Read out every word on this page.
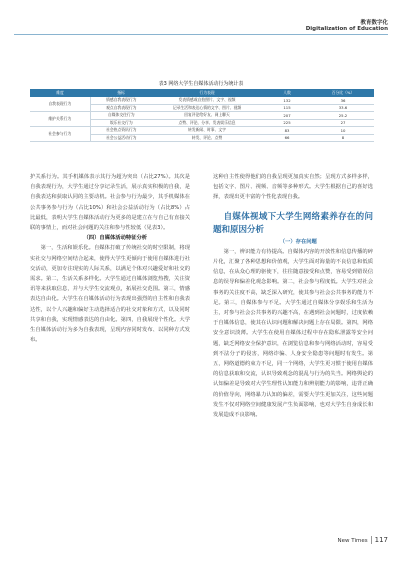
教育数字化
Digitalization of Education
表3 网络大学生自媒体活动行为统计表
维度	指标	行为表现	人数	百分比（%）
自我表现行为	情感自我表现行为	发表情感或自拍照片、文字、视频	132	36
	观点自我表现行为	记录生活和表达心情的文字、图片、视频	115	33.6
维护关系行为	自媒体交往行为	回复评论给好友、网上聊天	207	25.2
	娱乐社交行为	点赞、评论、分享、发表娱乐信息	225	27
社会参与行为	社会热点资讯行为	转发新闻、时事、文字	83	10
	社会公益活动行为	转发、评论、点赞	66	8

护关系行为。其手机媒体表示其行为超为突出（占比27%）。其次是自我表现行为，大学生通过分享记录生活，展示真实积极的自我，是自我表达和获取认同的主要动机。社会参与行为最少，其手机媒体在公共事务参与行为（占比10%）和社会公益活动行为（占比8%）占比最低，表明大学生自媒体活动行为更多的是建立在与自己有直接关联的事情上，而对社会问题的关注和参与性较低（见表3）。

（四）自媒体活动特征分析

第一，生活和娱乐化。自媒体打破了传统社交的时空限制，将现实社交与网络空间结合起来，使得大学生更倾向于使用自媒体进行社交活动，更加专注现实的人际关系，以满足个体对兴趣爱好和社交的需求。第二，生活关系多样化。大学生通过自媒体浏览热搜，关注资讯等来获取信息，并与大学生交流观点，拓展社交范围。第三，情感表达自由化。大学生在自媒体活动行为表现出强烈的自主性和自我表达性，以个人兴趣和偏好主动选择适合的社交对象和方式，以及同时共享和自我，实现情感表达的自由化。第四，自我展现个性化。大学生自媒体活动行为多为自我表现，呈现内容同时发布、以同种方式发布。

这种自主性使得他们的自我呈现更加真实自然；呈现方式多样多样，包括文字、图片、视频、音频等多种形式。大学生根据自己的喜好选择，表现出更丰富的个性化表现自我。

自媒体视域下大学生网络素养存在的问题和原因分析

（一）存在问题

第一，辨识能力有待提高。自媒体内容的开放性和信息传播的碎片化，汇聚了各种思想和价值观，大学生面对海量的不良信息和低质信息，在从众心理的驱使下，往往随意接受和点赞，容易受到错误信息的误导和偏差化观念影响。第二，社会参与程度低。大学生对社会事务的关注度不高，缺乏深入研究，使其参与社会公共事务的能力不足。第三，自媒体参与不足。大学生通过自媒体分享娱乐和生活为主，对参与社会公共事务的兴趣不高，在遇到社会问题时，过度依赖于自媒体信息，使其在认识问题和解决问题上存在局限。第四，网络安全意识淡薄。大学生在使用自媒体过程中存在隐私泄露等安全问题，缺乏网络安全保护意识，在浏览信息和参与网络活动时，容易受到不法分子的侵害，网络诈骗、人身安全隐患等问题时有发生。第五，网络道德约束力不足，同一个网络，大学生更习惯于使用自媒体的信息获取和交流，认识导致观念的混乱与行为的失当。网络舆论的认知偏差是导致对大学生理性认知能力和辨别能力的影响，违背正确的价值导向，网络暴力认知的偏差，需要大学生更加关注，这些问题发生不仅对网络空间健康发展产生负面影响，也对大学生自身成长和发展造成不良影响。

New Times 117
